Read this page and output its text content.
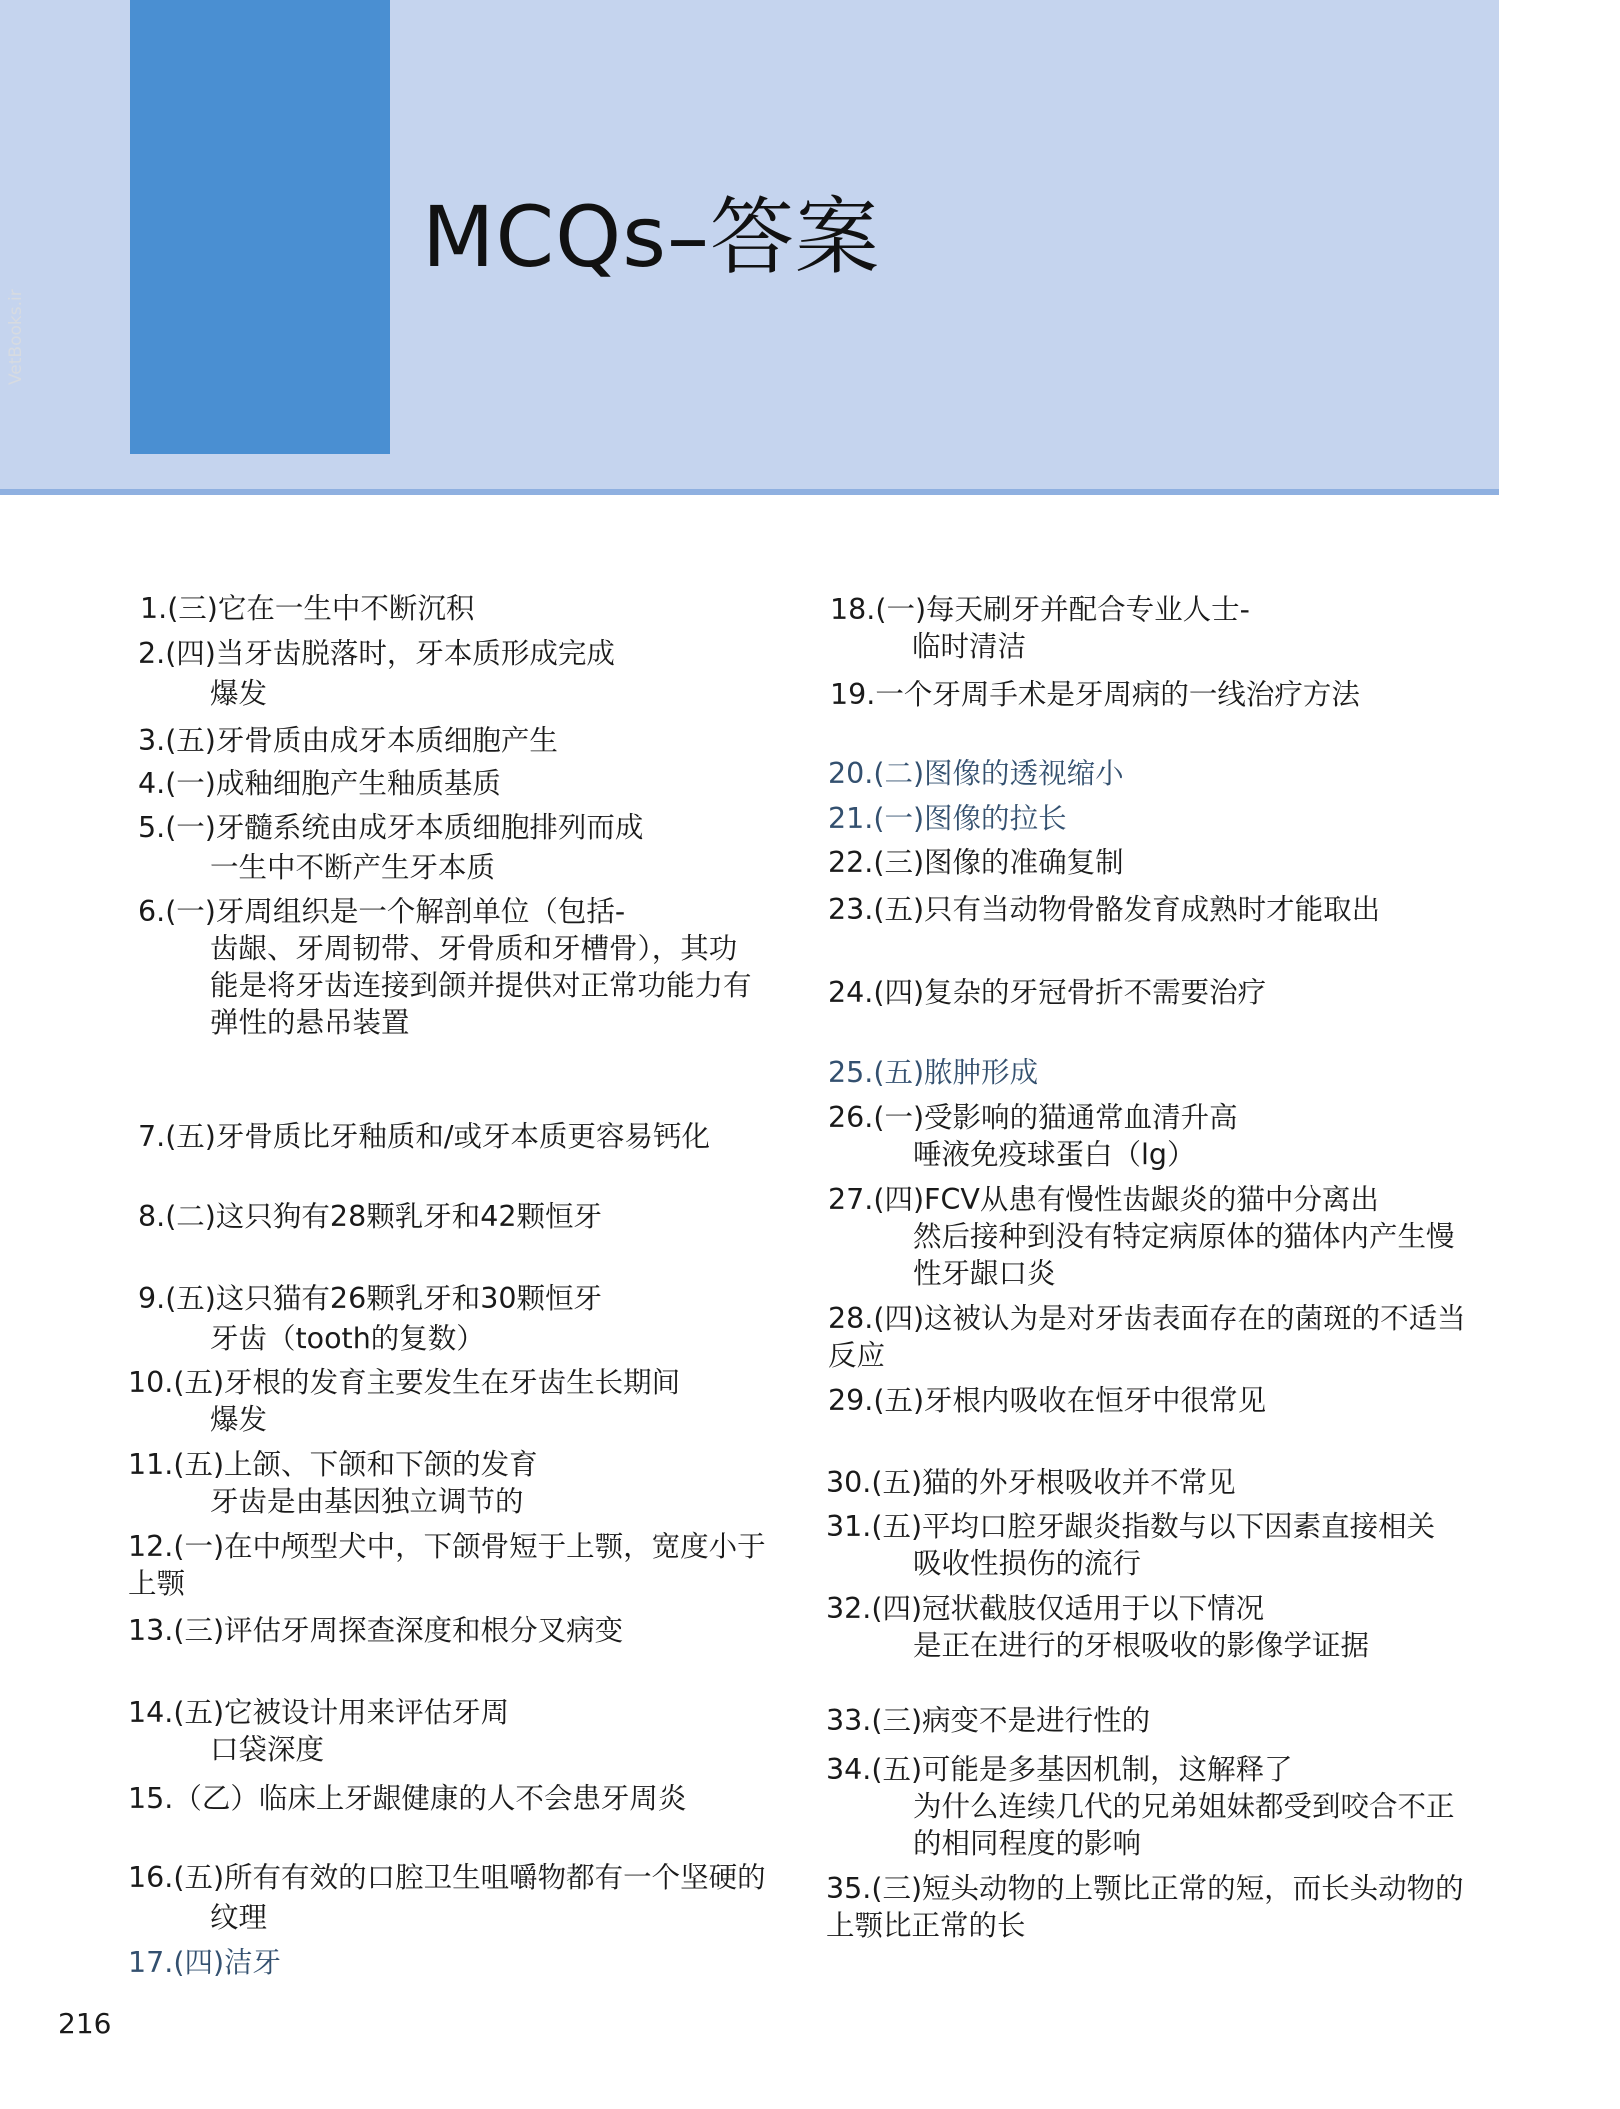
MCQs–答案
VetBooks.ir
1.(三)它在一生中不断沉积
2.(四)当牙齿脱落时，牙本质形成完成
爆发
3.(五)牙骨质由成牙本质细胞产生
4.(一)成釉细胞产生釉质基质
5.(一)牙髓系统由成牙本质细胞排列而成
一生中不断产生牙本质
6.(一)牙周组织是一个解剖单位（包括-
齿龈、牙周韧带、牙骨质和牙槽骨），其功
能是将牙齿连接到颌并提供对正常功能力有
弹性的悬吊装置
7.(五)牙骨质比牙釉质和/或牙本质更容易钙化
8.(二)这只狗有28颗乳牙和42颗恒牙
9.(五)这只猫有26颗乳牙和30颗恒牙
牙齿（tooth的复数）
10.(五)牙根的发育主要发生在牙齿生长期间
爆发
11.(五)上颌、下颌和下颌的发育
牙齿是由基因独立调节的
12.(一)在中颅型犬中，下颌骨短于上颚，宽度小于
上颚
13.(三)评估牙周探查深度和根分叉病变
14.(五)它被设计用来评估牙周
口袋深度
15.（乙）临床上牙龈健康的人不会患牙周炎
16.(五)所有有效的口腔卫生咀嚼物都有一个坚硬的
纹理
17.(四)洁牙
18.(一)每天刷牙并配合专业人士-
临时清洁
19.一个牙周手术是牙周病的一线治疗方法
20.(二)图像的透视缩小
21.(一)图像的拉长
22.(三)图像的准确复制
23.(五)只有当动物骨骼发育成熟时才能取出
24.(四)复杂的牙冠骨折不需要治疗
25.(五)脓肿形成
26.(一)受影响的猫通常血清升高
唾液免疫球蛋白（lg）
27.(四)FCV从患有慢性齿龈炎的猫中分离出
然后接种到没有特定病原体的猫体内产生慢
性牙龈口炎
28.(四)这被认为是对牙齿表面存在的菌斑的不适当
反应
29.(五)牙根内吸收在恒牙中很常见
30.(五)猫的外牙根吸收并不常见
31.(五)平均口腔牙龈炎指数与以下因素直接相关
吸收性损伤的流行
32.(四)冠状截肢仅适用于以下情况
是正在进行的牙根吸收的影像学证据
33.(三)病变不是进行性的
34.(五)可能是多基因机制，这解释了
为什么连续几代的兄弟姐妹都受到咬合不正
的相同程度的影响
35.(三)短头动物的上颚比正常的短，而长头动物的
上颚比正常的长
216
